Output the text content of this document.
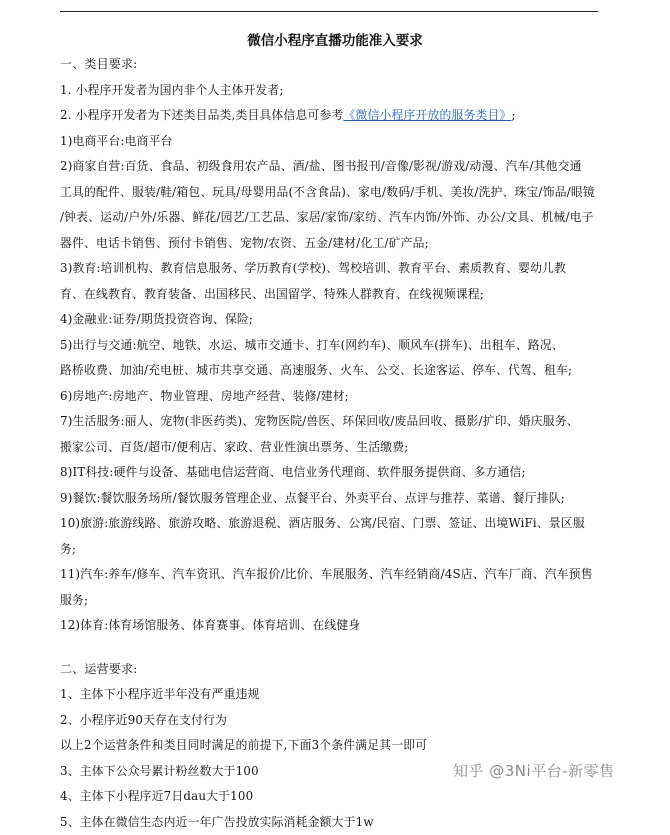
微信小程序直播功能准入要求
一、类目要求:
1. 小程序开发者为国内非个人主体开发者;
2. 小程序开发者为下述类目品类,类目具体信息可参考《微信小程序开放的服务类目》;
1)电商平台:电商平台
2)商家自营:百货、食品、初级食用农产品、酒/盐、图书报刊/音像/影视/游戏/动漫、汽车/其他交通
工具的配件、服装/鞋/箱包、玩具/母婴用品(不含食品)、家电/数码/手机、美妆/洗护、珠宝/饰品/眼镜
/钟表、运动/户外/乐器、鲜花/园艺/工艺品、家居/家饰/家纺、汽车内饰/外饰、办公/文具、机械/电子
器件、电话卡销售、预付卡销售、宠物/农资、五金/建材/化工/矿产品;
3)教育:培训机构、教育信息服务、学历教育(学校)、驾校培训、教育平台、素质教育、婴幼儿教
育、在线教育、教育装备、出国移民、出国留学、特殊人群教育、在线视频课程;
4)金融业:证券/期货投资咨询、保险;
5)出行与交通:航空、地铁、水运、城市交通卡、打车(网约车)、顺风车(拼车)、出租车、路况、
路桥收费、加油/充电桩、城市共享交通、高速服务、火车、公交、长途客运、停车、代驾、租车;
6)房地产:房地产、物业管理、房地产经营、装修/建材;
7)生活服务:丽人、宠物(非医药类)、宠物医院/兽医、环保回收/废品回收、摄影/扩印、婚庆服务、
搬家公司、百货/超市/便利店、家政、营业性演出票务、生活缴费;
8)IT科技:硬件与设备、基础电信运营商、电信业务代理商、软件服务提供商、多方通信;
9)餐饮:餐饮服务场所/餐饮服务管理企业、点餐平台、外卖平台、点评与推荐、菜谱、餐厅排队;
10)旅游:旅游线路、旅游攻略、旅游退税、酒店服务、公寓/民宿、门票、签证、出境WiFi、景区服
务;
11)汽车:养车/修车、汽车资讯、汽车报价/比价、车展服务、汽车经销商/4S店、汽车厂商、汽车预售
服务;
12)体育:体育场馆服务、体育赛事、体育培训、在线健身
二、运营要求:
1、主体下小程序近半年没有严重违规
2、小程序近90天存在支付行为
以上2个运营条件和类目同时满足的前提下,下面3个条件满足其一即可
3、主体下公众号累计粉丝数大于100
4、主体下小程序近7日dau大于100
5、主体在微信生态内近一年广告投放实际消耗金额大于1w
知乎 @3Ni平台-新零售
